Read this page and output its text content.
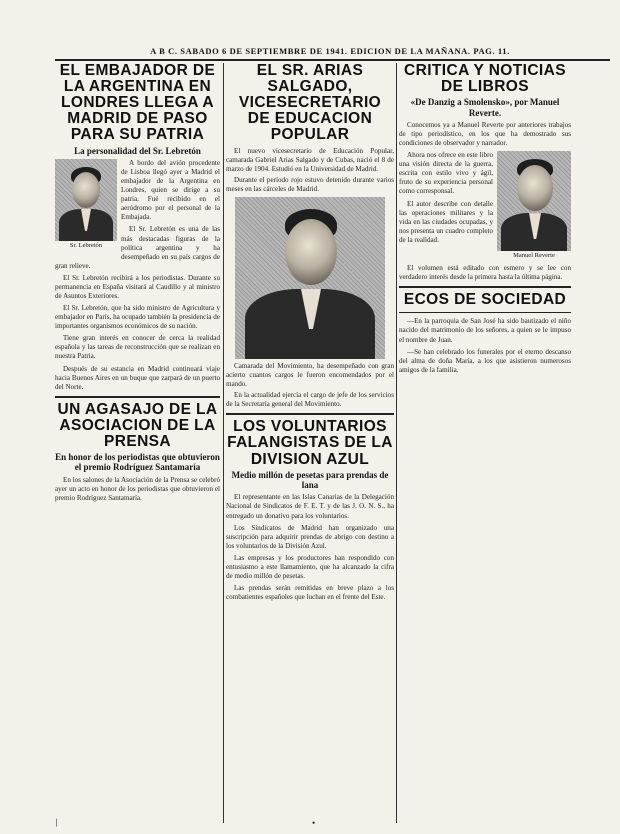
A B C. SABADO 6 DE SEPTIEMBRE DE 1941. EDICION DE LA MAÑANA. PAG. 11.
EL EMBAJADOR DE LA ARGENTINA EN LONDRES LLEGA A MADRID DE PASO PARA SU PATRIA
La personalidad del Sr. Lebretón
Sr. Lebretón

A bordo del avión procedente de Lisboa llegó ayer a Madrid el embajador de la Argentina en Londres, quien se dirige a su patria. Fué recibido en el aeródromo por el personal de la Embajada.

El Sr. Lebretón es una de las más destacadas figuras de la política argentina y ha desempeñado en su país cargos de gran relieve.

El Sr. Lebretón recibirá a los periodistas. Durante su permanencia en España visitará al Caudillo y al ministro de Asuntos Exteriores.

El Sr. Lebretón, que ha sido ministro de Agricultura y embajador en París, ha ocupado también la presidencia de importantes organismos económicos de su nación.

Tiene gran interés en conocer de cerca la realidad española y las tareas de reconstrucción que se realizan en nuestra Patria.

Después de su estancia en Madrid continuará viaje hacia Buenos Aires en un buque que zarpará de un puerto del Norte.

UN AGASAJO DE LA ASOCIACION DE LA PRENSA
En honor de los periodistas que obtuvieron el premio Rodríguez Santamaría

En los salones de la Asociación de la Prensa se celebró ayer un acto en honor de los periodistas que obtuvieron el premio Rodríguez Santamaría.

EL SR. ARIAS SALGADO, VICESECRETARIO DE EDUCACION POPULAR

El nuevo vicesecretario de Educación Popular, camarada Gabriel Arias Salgado y de Cubas, nació el 8 de marzo de 1904. Estudió en la Universidad de Madrid.

Durante el período rojo estuvo detenido durante varios meses en las cárceles de Madrid.

Camarada del Movimiento, ha desempeñado con gran acierto cuantos cargos le fueron encomendados por el mando.

En la actualidad ejercía el cargo de jefe de los servicios de la Secretaría general del Movimiento.

LOS VOLUNTARIOS FALANGISTAS DE LA DIVISION AZUL
Medio millón de pesetas para prendas de lana

El representante en las Islas Canarias de la Delegación Nacional de Sindicatos de F. E. T. y de las J. O. N. S., ha entregado un donativo para los voluntarios.

Los Sindicatos de Madrid han organizado una suscripción para adquirir prendas de abrigo con destino a los voluntarios de la División Azul.

Las empresas y los productores han respondido con entusiasmo a este llamamiento, que ha alcanzado la cifra de medio millón de pesetas.

Las prendas serán remitidas en breve plazo a los combatientes españoles que luchan en el frente del Este.

CRITICA Y NOTICIAS DE LIBROS
«De Danzig a Smolensko», por Manuel Reverte.

Conocemos ya a Manuel Reverte por anteriores trabajos de tipo periodístico, en los que ha demostrado sus condiciones de observador y narrador.

Manuel Reverte

Ahora nos ofrece en este libro una visión directa de la guerra, escrita con estilo vivo y ágil, fruto de su experiencia personal como corresponsal.

El autor describe con detalle las operaciones militares y la vida en las ciudades ocupadas, y nos presenta un cuadro completo de la realidad.

El volumen está editado con esmero y se lee con verdadero interés desde la primera hasta la última página.

ECOS DE SOCIEDAD

—En la parroquia de San José ha sido bautizado el niño nacido del matrimonio de los señores, a quien se le impuso el nombre de Juan.

—Se han celebrado los funerales por el eterno descanso del alma de doña María, a los que asistieron numerosos amigos de la familia.

⎸	•
